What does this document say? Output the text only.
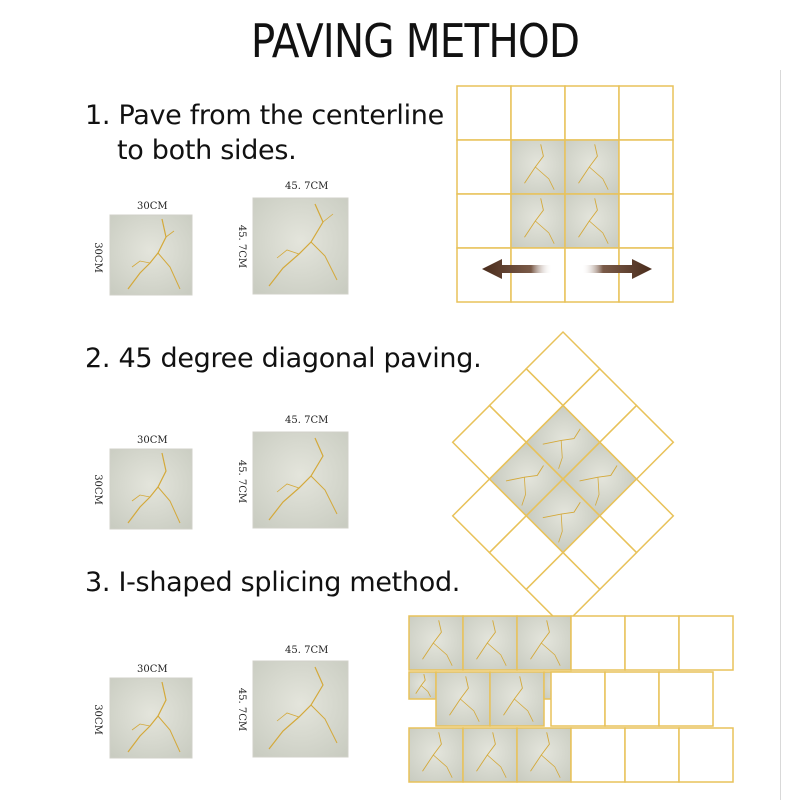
PAVING METHOD
1. Pave from the centerline
to both sides.
30CM
30CM
45. 7CM
45. 7CM
2. 45 degree diagonal paving.
30CM
30CM
45. 7CM
45. 7CM
3. I-shaped splicing method.
30CM
30CM
45. 7CM
45. 7CM
